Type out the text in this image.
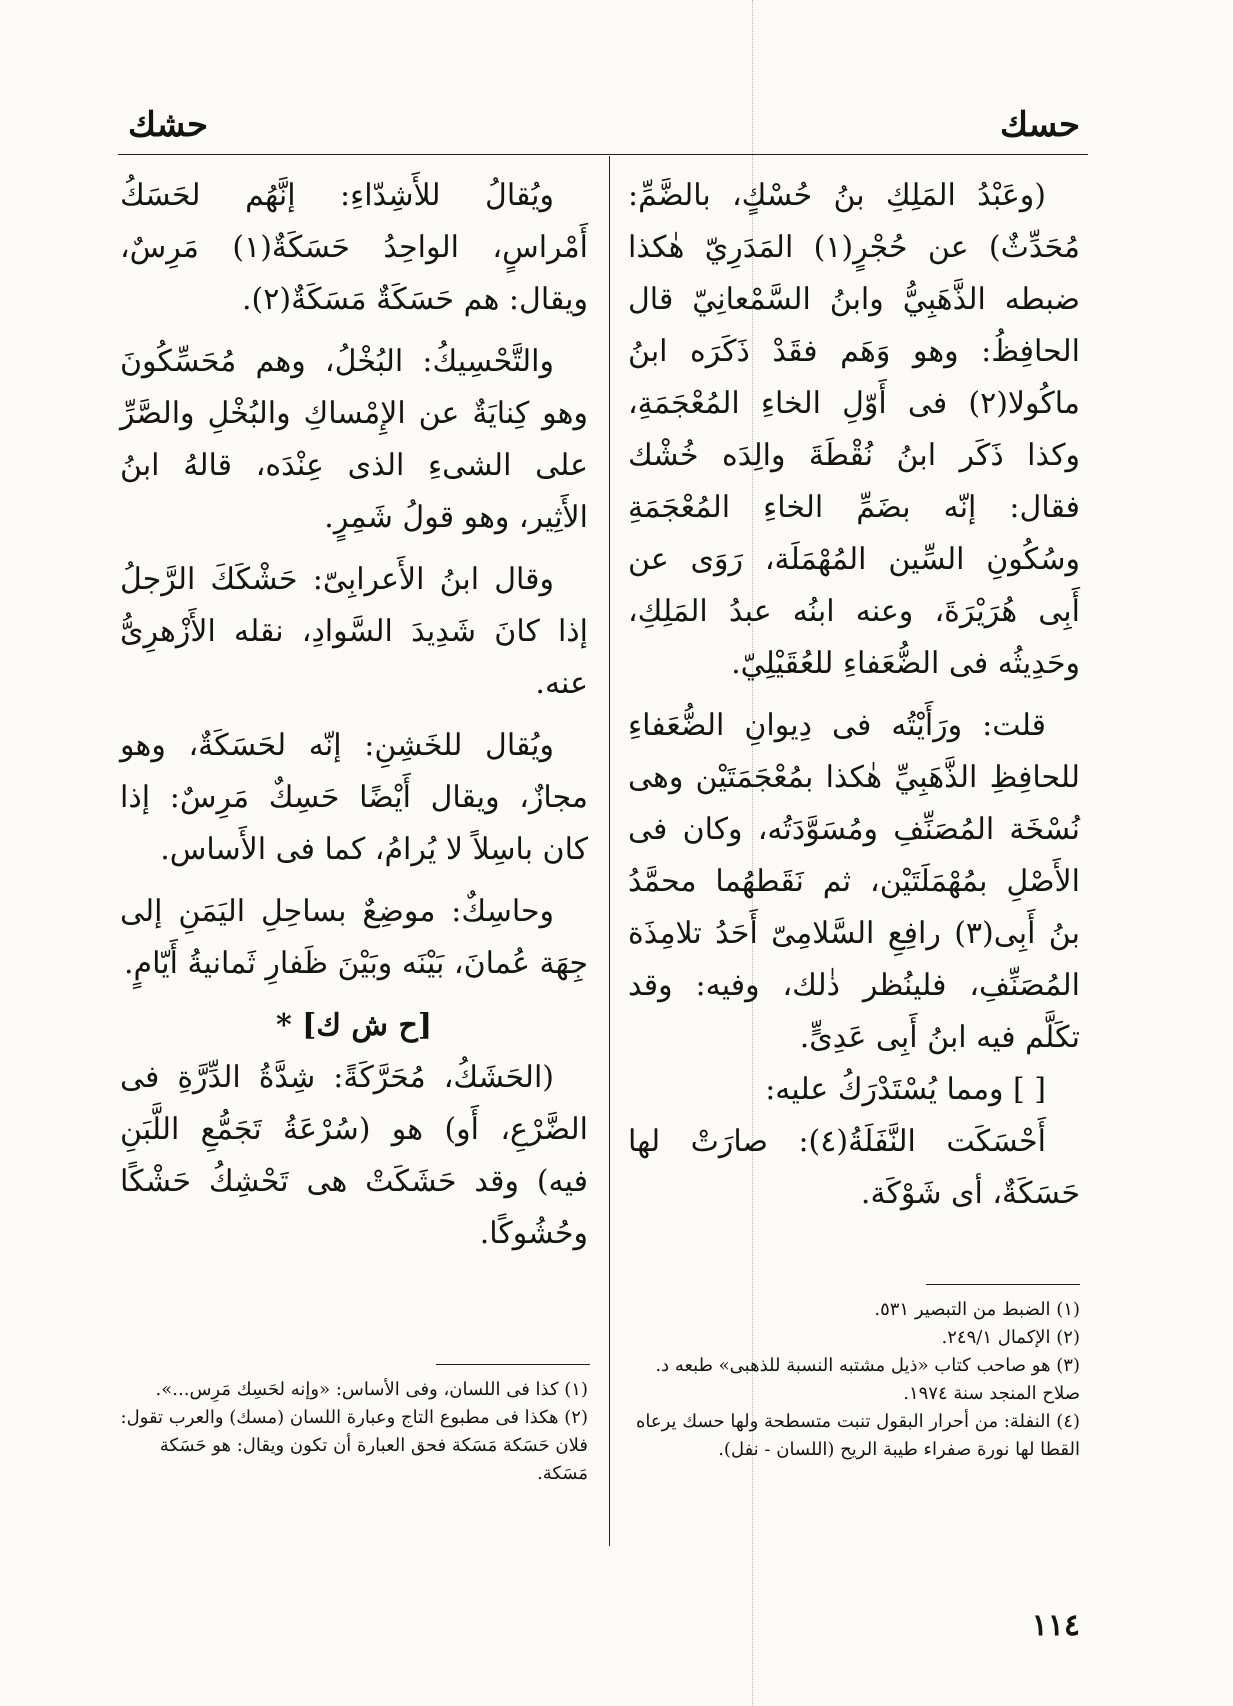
حسك
حشك

(وعَبْدُ المَلِكِ بنُ حُسْكٍ، بالضَّمِّ: مُحَدِّثٌ) عن حُجْرٍ(١) المَدَرِيّ هٰكذا ضبطه الذَّهَبِيُّ وابنُ السَّمْعانِيّ قال الحافِظُ: وهو وَهَم فقَدْ ذَكَرَه ابنُ ماكُولا(٢) فى أَوّلِ الخاءِ المُعْجَمَةِ، وكذا ذَكَر ابنُ نُقْطَةَ والِدَه خُشْك فقال: إنّه بضَمِّ الخاءِ المُعْجَمَةِ وسُكُونِ السِّين المُهْمَلَة، رَوَى عن أَبِى هُرَيْرَةَ، وعنه ابنُه عبدُ المَلِكِ، وحَدِيثُه فى الضُّعَفاءِ للعُقَيْلِيّ.

قلت: ورَأَيْتُه فى دِيوانِ الضُّعَفاءِ للحافِظِ الذَّهَبِيِّ هٰكذا بمُعْجَمَتَيْن وهى نُسْخَة المُصَنِّفِ ومُسَوَّدَتُه، وكان فى الأَصْلِ بمُهْمَلَتَيْن، ثم نَقَطهُما محمَّدُ بنُ أَبِى(٣) رافِعِ السَّلامِىّ أَحَدُ تلامِذَة المُصَنِّفِ، فلينُظر ذٰلك، وفيه: وقد تكَلَّم فيه ابنُ أَبِى عَدِىٍّ.

[ ] ومما يُسْتَدْرَكُ عليه:

أَحْسَكَت النَّفَلَةُ(٤): صارَتْ لها حَسَكَةٌ، أى شَوْكَة.

ويُقالُ للأَشِدّاءِ: إنَّهُم لحَسَكُ أَمْراسٍ، الواحِدُ حَسَكَةٌ(١) مَرِسٌ، ويقال: هم حَسَكَةٌ مَسَكَةٌ(٢).

والتَّحْسِيكُ: البُخْلُ، وهم مُحَسِّكُونَ وهو كِنايَةٌ عن الإِمْساكِ والبُخْلِ والصَّرِّ على الشىءِ الذى عِنْدَه، قالهُ ابنُ الأَثِير، وهو قولُ شَمِرٍ.

وقال ابنُ الأَعرابِىّ: حَشْكَكَ الرَّجلُ إذا كانَ شَدِيدَ السَّوادِ، نقله الأَزْهرِىُّ عنه.

ويُقال للخَشِنِ: إنّه لحَسَكَةٌ، وهو مجازٌ، ويقال أَيْضًا حَسِكٌ مَرِسٌ: إذا كان باسِلاً لا يُرامُ، كما فى الأَساس.

وحاسِكٌ: موضِعٌ بساحِلِ اليَمَنِ إلى جِهَة عُمانَ، بَيْنَه وبَيْنَ ظَفارِ ثَمانيةُ أَيّامٍ.

[ح ش ك] *

(الحَشَكُ، مُحَرَّكَةً: شِدَّةُ الدِّرَّةِ فى الضَّرْعِ، أَو) هو (سُرْعَةُ تَجَمُّعِ اللَّبَنِ فيه) وقد حَشَكَتْ هى تَحْشِكُ حَشْكًا وحُشُوكًا.

(١) الضبط من التبصير ٥٣١.
(٢) الإكمال ٢٤٩/١.
(٣) هو صاحب كتاب «ذيل مشتبه النسبة للذهبى» طبعه د. صلاح المنجد سنة ١٩٧٤.
(٤) النفلة: من أحرار البقول تنبت متسطحة ولها حسك يرعاه القطا لها نورة صفراء طيبة الريح (اللسان - نفل).
(١) كذا فى اللسان، وفى الأساس: «وإنه لحَسِك مَرِس...».
(٢) هكذا فى مطبوع التاج وعبارة اللسان (مسك) والعرب تقول: فلان حَسَكة مَسَكة فحق العبارة أن تكون ويقال: هو حَسَكة مَسَكة.
١١٤
